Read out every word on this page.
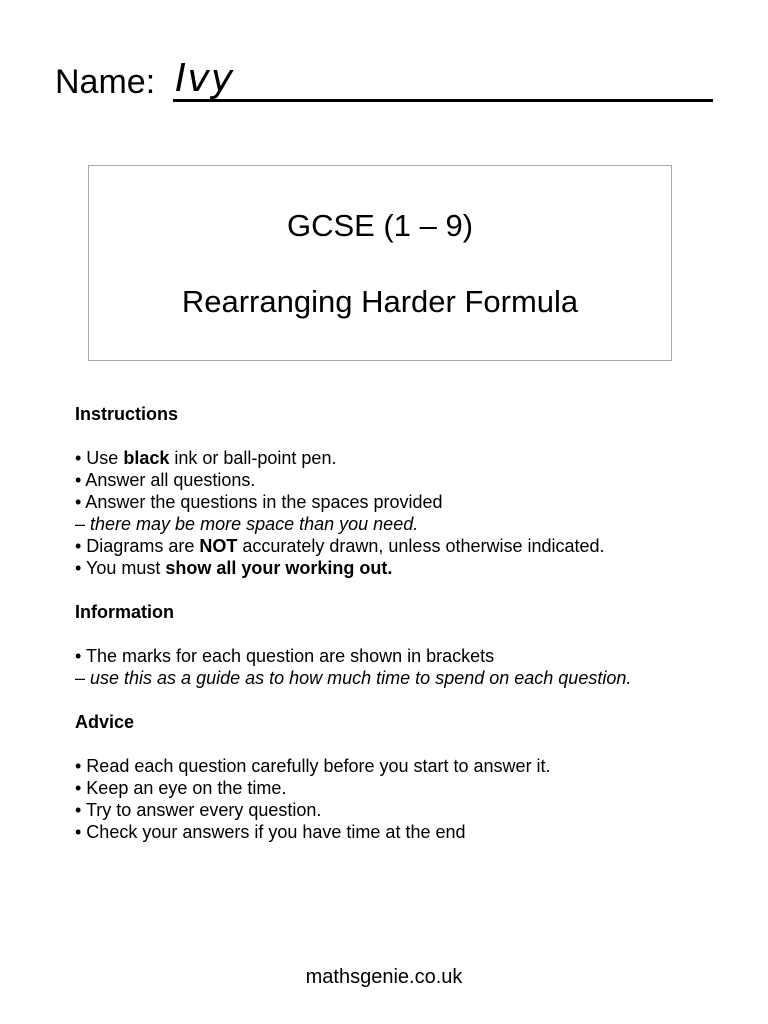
Name: Ivy
GCSE (1 – 9)
Rearranging Harder Formula

Instructions

• Use black ink or ball-point pen.

• Answer all questions.

• Answer the questions in the spaces provided

– there may be more space than you need.

• Diagrams are NOT accurately drawn, unless otherwise indicated.

• You must show all your working out.

Information

• The marks for each question are shown in brackets

– use this as a guide as to how much time to spend on each question.

Advice

• Read each question carefully before you start to answer it.

• Keep an eye on the time.

• Try to answer every question.

• Check your answers if you have time at the end

mathsgenie.co.uk
